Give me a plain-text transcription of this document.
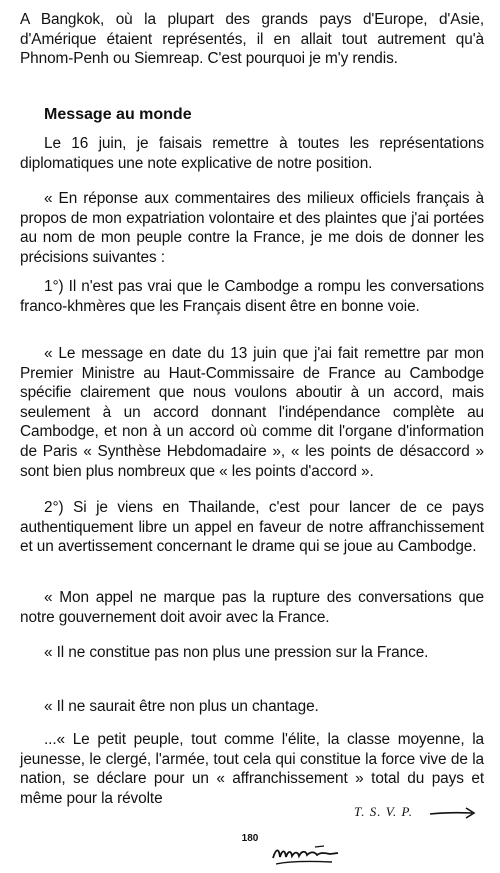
A Bangkok, où la plupart des grands pays d'Europe, d'Asie, d'Amérique étaient représentés, il en allait tout autrement qu'à Phnom-Penh ou Siemreap. C'est pourquoi je m'y rendis.

Message au monde

Le 16 juin, je faisais remettre à toutes les représentations diplomatiques une note explicative de notre position.

« En réponse aux commentaires des milieux officiels français à propos de mon expatriation volontaire et des plaintes que j'ai portées au nom de mon peuple contre la France, je me dois de donner les précisions suivantes :

1°) Il n'est pas vrai que le Cambodge a rompu les conversations franco-khmères que les Français disent être en bonne voie.

« Le message en date du 13 juin que j'ai fait remettre par mon Premier Ministre au Haut-Commissaire de France au Cambodge spécifie clairement que nous voulons aboutir à un accord, mais seulement à un accord donnant l'indépendance complète au Cambodge, et non à un accord où comme dit l'organe d'information de Paris « Synthèse Hebdomadaire », « les points de désaccord » sont bien plus nombreux que « les points d'accord ».

2°) Si je viens en Thailande, c'est pour lancer de ce pays authentiquement libre un appel en faveur de notre affranchissement et un avertissement concernant le drame qui se joue au Cambodge.

« Mon appel ne marque pas la rupture des conversations que notre gouvernement doit avoir avec la France.

« Il ne constitue pas non plus une pression sur la France.

« Il ne saurait être non plus un chantage.

...« Le petit peuple, tout comme l'élite, la classe moyenne, la jeunesse, le clergé, l'armée, tout cela qui constitue la force vive de la nation, se déclare pour un « affranchissement » total du pays et même pour la révolte

T. S. V. P.
180
